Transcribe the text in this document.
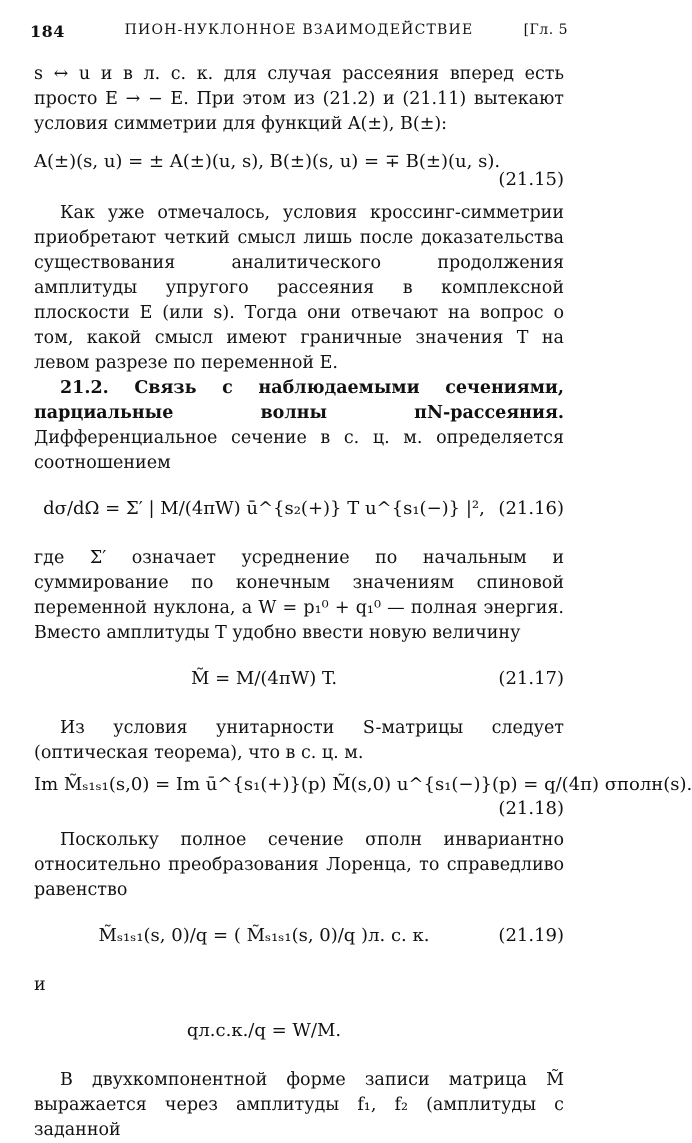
184	ПИОН-НУКЛОННОЕ ВЗАИМОДЕЙСТВИЕ	[Гл. 5

s ↔ u и в л. с. к. для случая рассеяния вперед есть просто E → − E. При этом из (21.2) и (21.11) вытекают условия симметрии для функций A(±), B(±):

A(±)(s, u) = ± A(±)(u, s), B(±)(s, u) = ∓ B(±)(u, s).
(21.15)

Как уже отмечалось, условия кроссинг-симметрии приобретают четкий смысл лишь после доказательства существования аналитического продолжения амплитуды упругого рассеяния в комплексной плоскости E (или s). Тогда они отвечают на вопрос о том, какой смысл имеют граничные значения T на левом разрезе по переменной E.

21.2. Связь с наблюдаемыми сечениями, парциальные волны πN-рассеяния. Дифференциальное сечение в с. ц. м. определяется соотношением

dσ/dΩ = Σ′ | M/(4πW) ū^{s₂(+)} T u^{s₁(−)} |², (21.16)

где Σ′ означает усреднение по начальным и суммирование по конечным значениям спиновой переменной нуклона, а W = p₁⁰ + q₁⁰ — полная энергия. Вместо амплитуды T удобно ввести новую величину

M̃ = M/(4πW) T.	(21.17)

Из условия унитарности S-матрицы следует (оптическая теорема), что в с. ц. м.

Im M̃ₛ₁ₛ₁(s,0) = Im ū^{s₁(+)}(p) M̃(s,0) u^{s₁(−)}(p) = q/(4π) σполн(s).
(21.18)

Поскольку полное сечение σполн инвариантно относительно преобразования Лоренца, то справедливо равенство

M̃ₛ₁ₛ₁(s, 0)/q = ( M̃ₛ₁ₛ₁(s, 0)/q )л. с. к.	(21.19)

и

qл.с.к./q = W/M.

В двухкомпонентной форме записи матрица M̃ выражается через амплитуды f₁, f₂ (амплитуды с заданной
